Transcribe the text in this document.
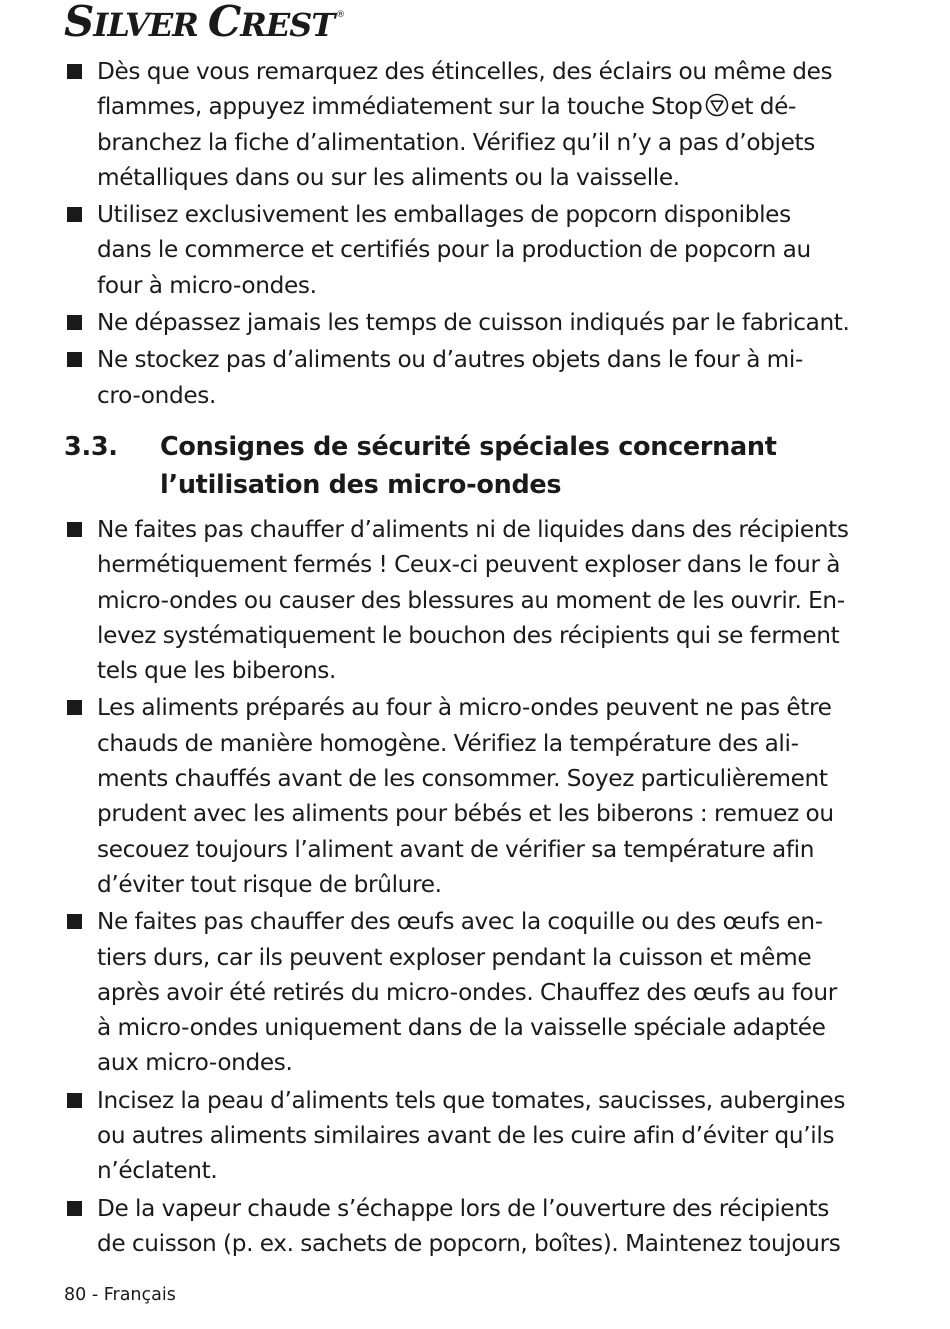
S ILVER C REST ®
Dès que vous remarquez des étincelles, des éclairs ou même des
flammes, appuyez immédiatement sur la touche Stop et dé-
branchez la fiche d’alimentation. Vérifiez qu’il n’y a pas d’objets
métalliques dans ou sur les aliments ou la vaisselle.
Utilisez exclusivement les emballages de popcorn disponibles
dans le commerce et certifiés pour la production de popcorn au
four à micro-ondes.
Ne dépassez jamais les temps de cuisson indiqués par le fabricant.
Ne stockez pas d’aliments ou d’autres objets dans le four à mi-
cro-ondes.
3.3. Consignes de sécurité spéciales concernant
l’utilisation des micro-ondes
Ne faites pas chauffer d’aliments ni de liquides dans des récipients
hermétiquement fermés ! Ceux-ci peuvent exploser dans le four à
micro-ondes ou causer des blessures au moment de les ouvrir. En-
levez systématiquement le bouchon des récipients qui se ferment
tels que les biberons.
Les aliments préparés au four à micro-ondes peuvent ne pas être
chauds de manière homogène. Vérifiez la température des ali-
ments chauffés avant de les consommer. Soyez particulièrement
prudent avec les aliments pour bébés et les biberons : remuez ou
secouez toujours l’aliment avant de vérifier sa température afin
d’éviter tout risque de brûlure.
Ne faites pas chauffer des œufs avec la coquille ou des œufs en-
tiers durs, car ils peuvent exploser pendant la cuisson et même
après avoir été retirés du micro-ondes. Chauffez des œufs au four
à micro-ondes uniquement dans de la vaisselle spéciale adaptée
aux micro-ondes.
Incisez la peau d’aliments tels que tomates, saucisses, aubergines
ou autres aliments similaires avant de les cuire afin d’éviter qu’ils
n’éclatent.
De la vapeur chaude s’échappe lors de l’ouverture des récipients
de cuisson (p. ex. sachets de popcorn, boîtes). Maintenez toujours
80 - Français
